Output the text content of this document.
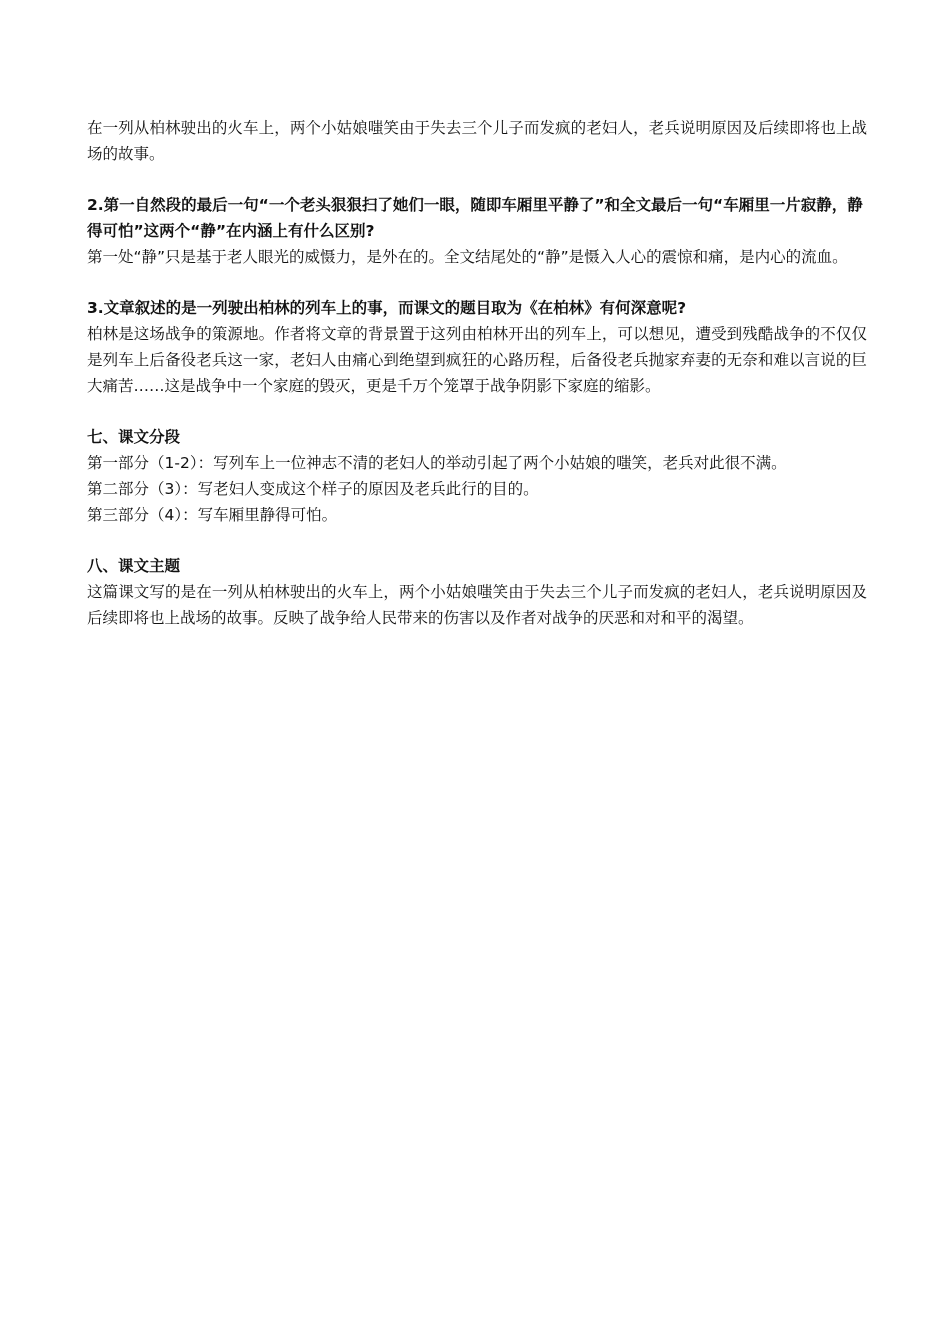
在一列从柏林驶出的火车上，两个小姑娘嗤笑由于失去三个儿子而发疯的老妇人，老兵说明原因及后续即将也上战场的故事。

2.第一自然段的最后一句“一个老头狠狠扫了她们一眼，随即车厢里平静了”和全文最后一句“车厢里一片寂静，静得可怕”这两个“静”在内涵上有什么区别?

第一处“静”只是基于老人眼光的威慑力，是外在的。全文结尾处的“静”是慑入人心的震惊和痛，是内心的流血。

3.文章叙述的是一列驶出柏林的列车上的事，而课文的题目取为《在柏林》有何深意呢?

柏林是这场战争的策源地。作者将文章的背景置于这列由柏林开出的列车上，可以想见，遭受到残酷战争的不仅仅是列车上后备役老兵这一家，老妇人由痛心到绝望到疯狂的心路历程，后备役老兵抛家弃妻的无奈和难以言说的巨大痛苦……这是战争中一个家庭的毁灭，更是千万个笼罩于战争阴影下家庭的缩影。

七、课文分段

第一部分（1-2）：写列车上一位神志不清的老妇人的举动引起了两个小姑娘的嗤笑，老兵对此很不满。

第二部分（3）：写老妇人变成这个样子的原因及老兵此行的目的。

第三部分（4）：写车厢里静得可怕。

八、课文主题

这篇课文写的是在一列从柏林驶出的火车上，两个小姑娘嗤笑由于失去三个儿子而发疯的老妇人，老兵说明原因及后续即将也上战场的故事。反映了战争给人民带来的伤害以及作者对战争的厌恶和对和平的渴望。
